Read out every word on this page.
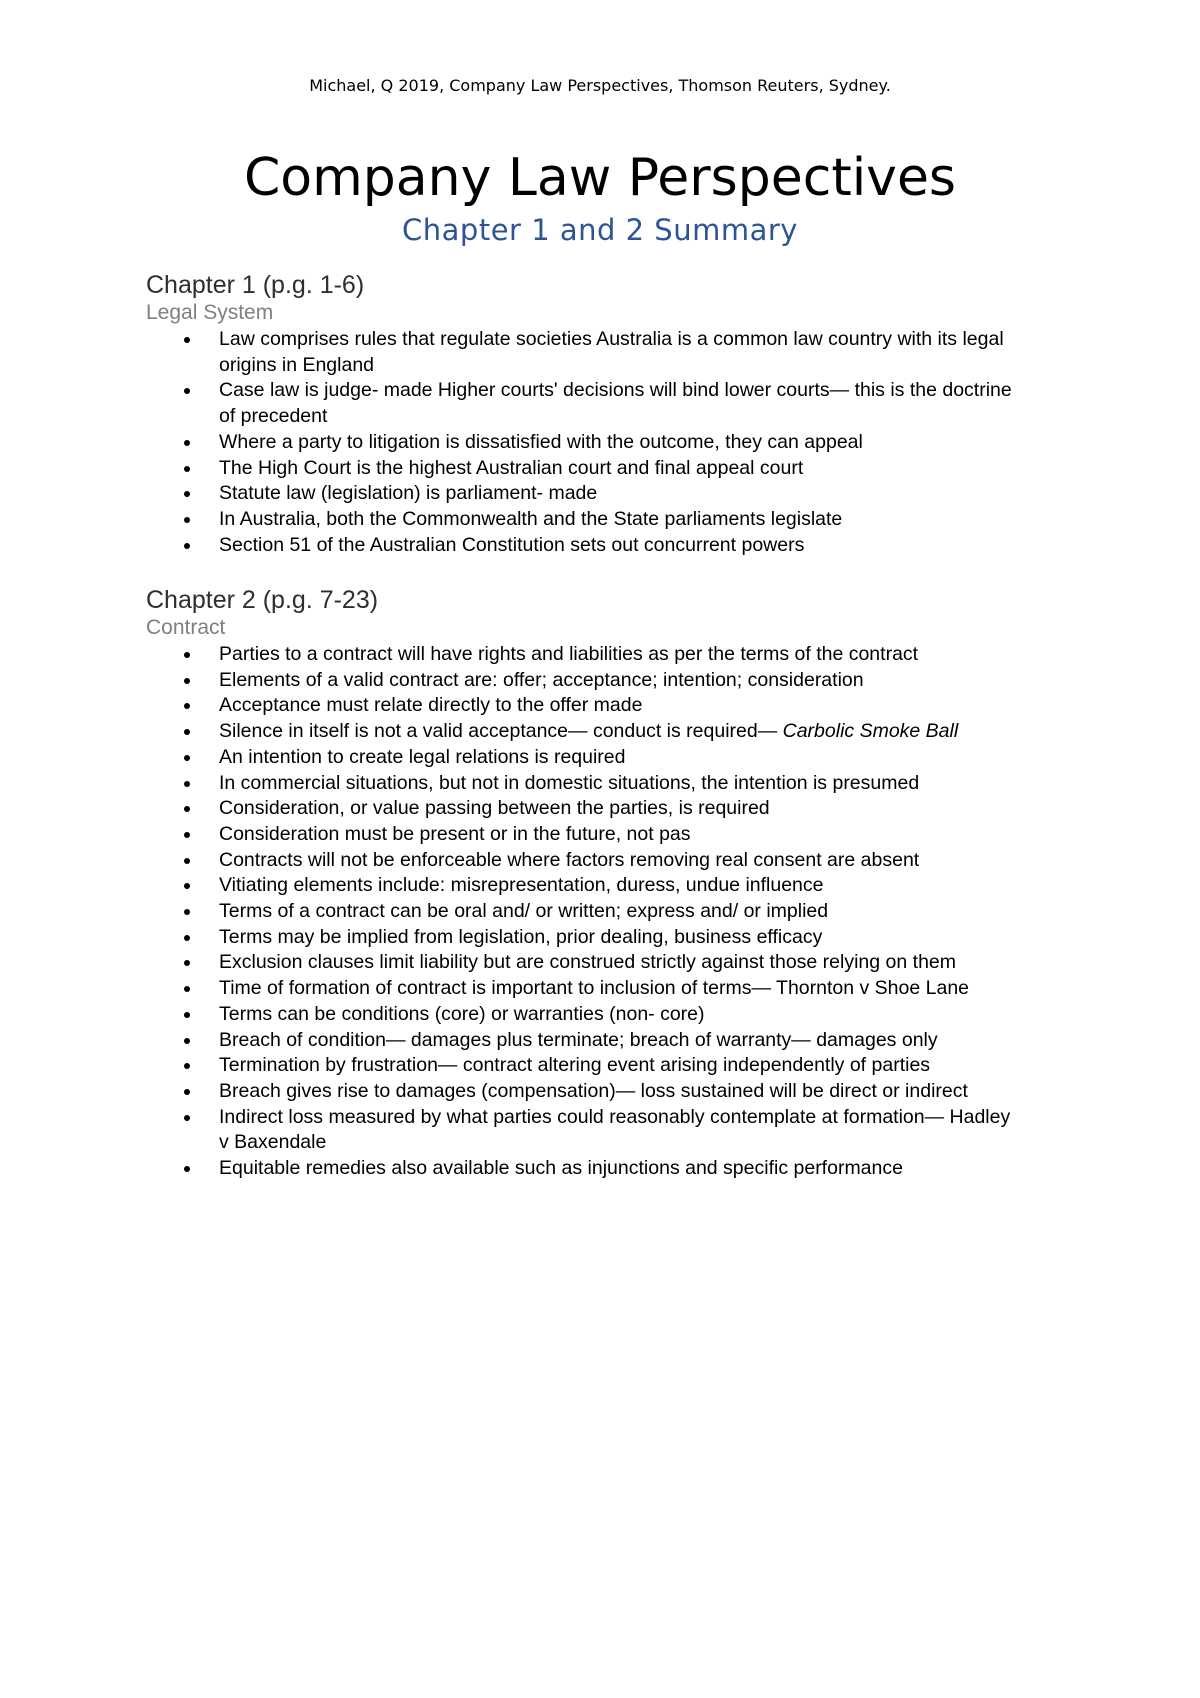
Michael, Q 2019, Company Law Perspectives, Thomson Reuters, Sydney.
Company Law Perspectives
Chapter 1 and 2 Summary
Chapter 1 (p.g. 1-6)
Legal System
Law comprises rules that regulate societies Australia is a common law country with its legal origins in England
Case law is judge- made Higher courts' decisions will bind lower courts— this is the doctrine of precedent
Where a party to litigation is dissatisfied with the outcome, they can appeal
The High Court is the highest Australian court and final appeal court
Statute law (legislation) is parliament- made
In Australia, both the Commonwealth and the State parliaments legislate
Section 51 of the Australian Constitution sets out concurrent powers
Chapter 2 (p.g. 7-23)
Contract
Parties to a contract will have rights and liabilities as per the terms of the contract
Elements of a valid contract are: offer; acceptance; intention; consideration
Acceptance must relate directly to the offer made
Silence in itself is not a valid acceptance— conduct is required— Carbolic Smoke Ball
An intention to create legal relations is required
In commercial situations, but not in domestic situations, the intention is presumed
Consideration, or value passing between the parties, is required
Consideration must be present or in the future, not pas
Contracts will not be enforceable where factors removing real consent are absent
Vitiating elements include: misrepresentation, duress, undue influence
Terms of a contract can be oral and/ or written; express and/ or implied
Terms may be implied from legislation, prior dealing, business efficacy
Exclusion clauses limit liability but are construed strictly against those relying on them
Time of formation of contract is important to inclusion of terms— Thornton v Shoe Lane
Terms can be conditions (core) or warranties (non- core)
Breach of condition— damages plus terminate; breach of warranty— damages only
Termination by frustration— contract altering event arising independently of parties
Breach gives rise to damages (compensation)— loss sustained will be direct or indirect
Indirect loss measured by what parties could reasonably contemplate at formation— Hadley v Baxendale
Equitable remedies also available such as injunctions and specific performance
